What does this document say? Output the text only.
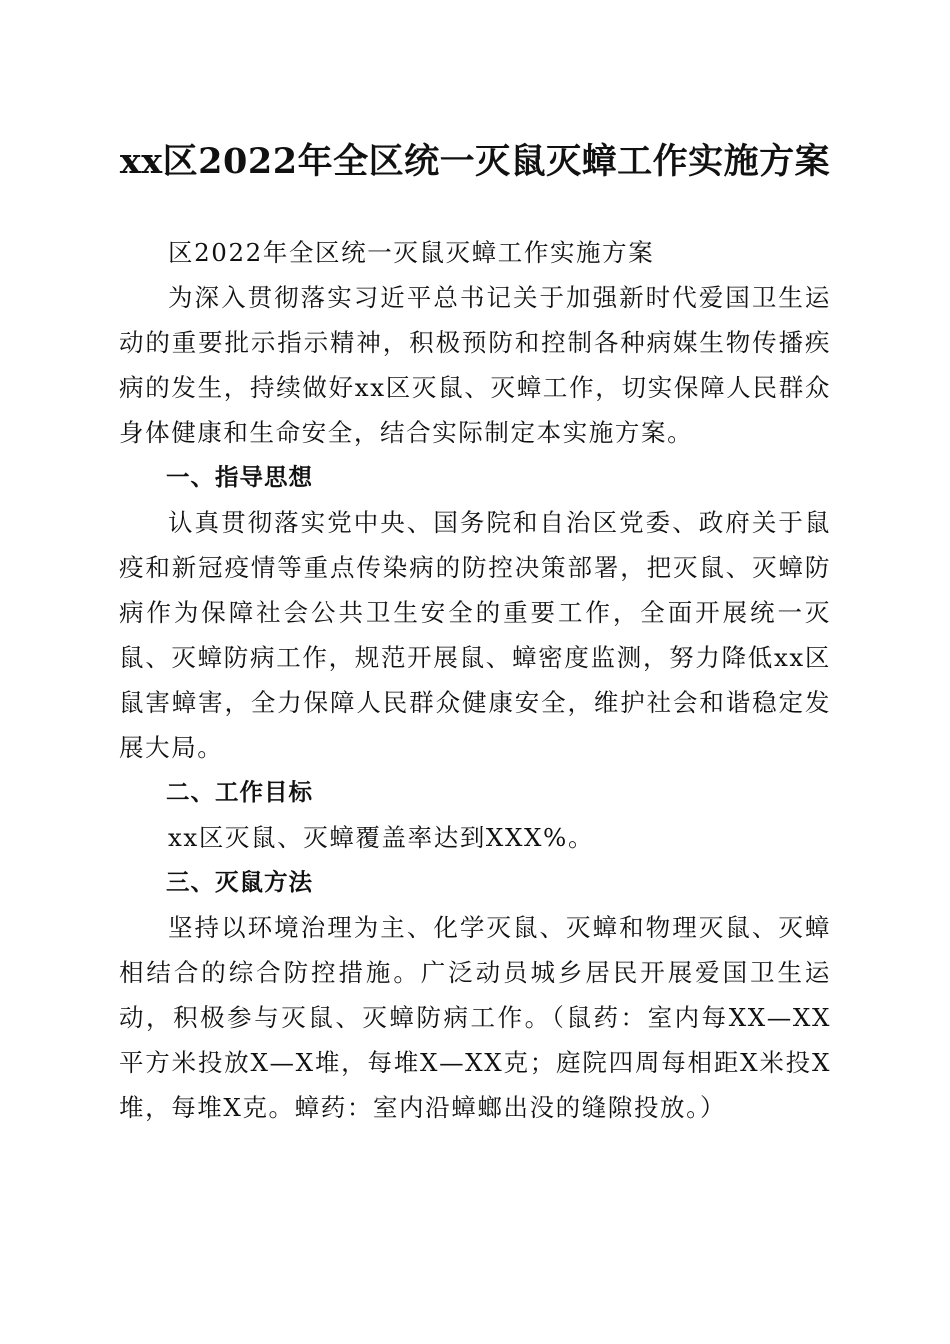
xx区2022年全区统一灭鼠灭蟑工作实施方案

区2022年全区统一灭鼠灭蟑工作实施方案

为深入贯彻落实习近平总书记关于加强新时代爱国卫生运动的重要批示指示精神，积极预防和控制各种病媒生物传播疾病的发生，持续做好xx区灭鼠、灭蟑工作，切实保障人民群众身体健康和生命安全，结合实际制定本实施方案。

一、指导思想

认真贯彻落实党中央、国务院和自治区党委、政府关于鼠疫和新冠疫情等重点传染病的防控决策部署，把灭鼠、灭蟑防病作为保障社会公共卫生安全的重要工作，全面开展统一灭鼠、灭蟑防病工作，规范开展鼠、蟑密度监测，努力降低xx区鼠害蟑害，全力保障人民群众健康安全，维护社会和谐稳定发展大局。

二、工作目标

xx区灭鼠、灭蟑覆盖率达到XXX%。

三、灭鼠方法

坚持以环境治理为主、化学灭鼠、灭蟑和物理灭鼠、灭蟑相结合的综合防控措施。广泛动员城乡居民开展爱国卫生运动，积极参与灭鼠、灭蟑防病工作。（鼠药：室内每XX—XX平方米投放X—X堆，每堆X—XX克；庭院四周每相距X米投X堆，每堆X克。蟑药：室内沿蟑螂出没的缝隙投放。）
